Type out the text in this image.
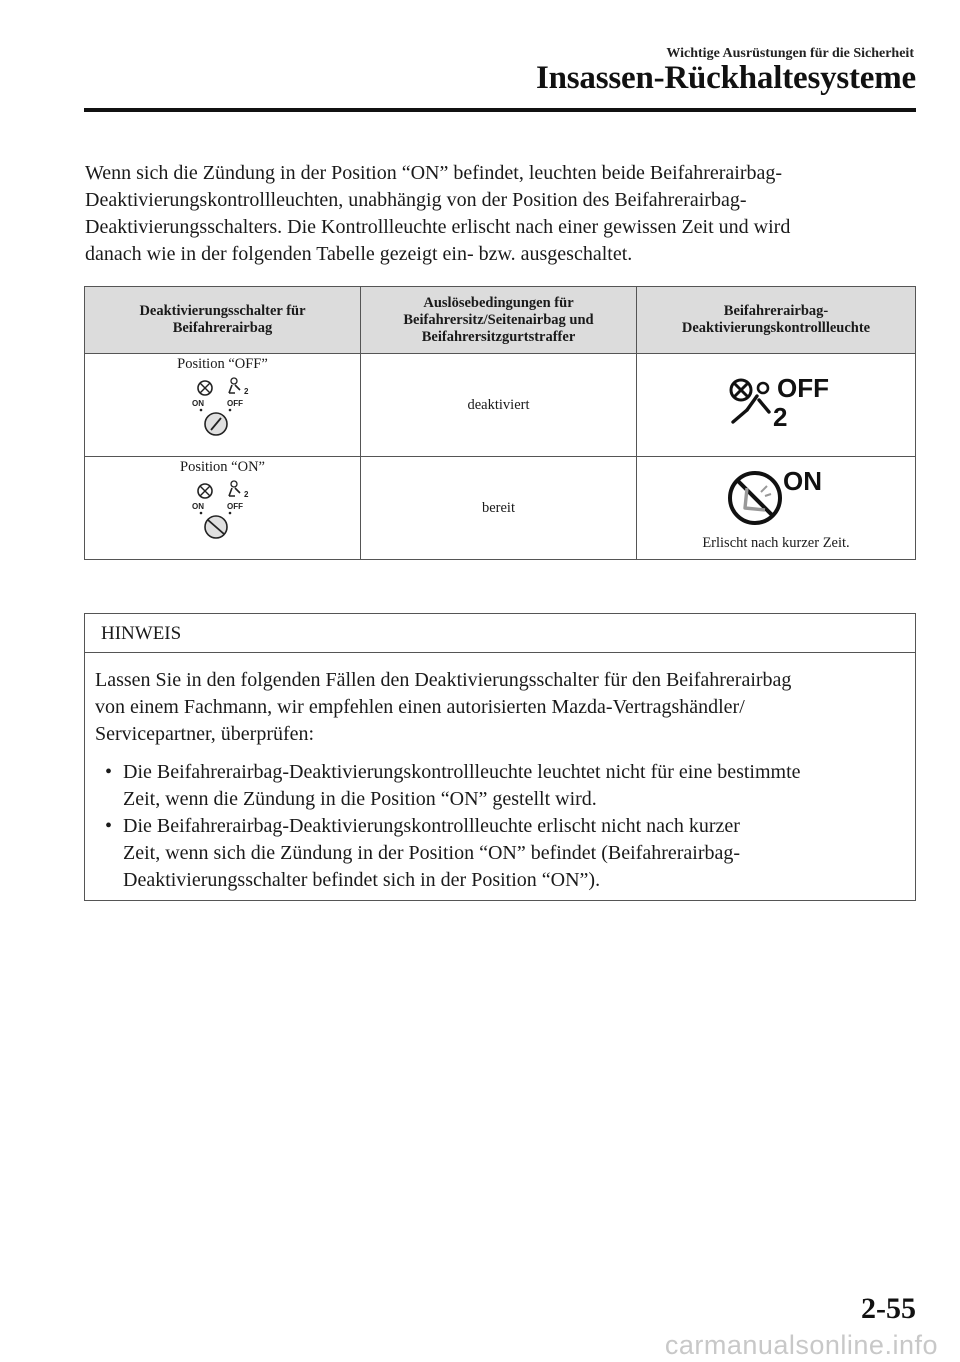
Wichtige Ausrüstungen für die Sicherheit
Insassen-Rückhaltesysteme

Wenn sich die Zündung in der Position “ON” befindet, leuchten beide Beifahrerairbag-

Deaktivierungskontrollleuchten, unabhängig von der Position des Beifahrerairbag-

Deaktivierungsschalters. Die Kontrollleuchte erlischt nach einer gewissen Zeit und wird

danach wie in der folgenden Tabelle gezeigt ein- bzw. ausgeschaltet.

Deaktivierungsschalter für
Beifahrerairbag	Auslösebedingungen für
Beifahrersitz/Seitenairbag und
Beifahrersitzgurtstraffer	Beifahrerairbag-
Deaktivierungskontrollleuchte

Position “OFF”
2
ON OFF	deaktiviert	OFF
2

Position “ON”
2
ON OFF	bereit	ON
Erlischt nach kurzer Zeit.
HINWEIS

Lassen Sie in den folgenden Fällen den Deaktivierungsschalter für den Beifahrerairbag
von einem Fachmann, wir empfehlen einen autorisierten Mazda-Vertragshändler/
Servicepartner, überprüfen:

• Die Beifahrerairbag-Deaktivierungskontrollleuchte leuchtet nicht für eine bestimmte
Zeit, wenn die Zündung in die Position “ON” gestellt wird.
• Die Beifahrerairbag-Deaktivierungskontrollleuchte erlischt nicht nach kurzer
Zeit, wenn sich die Zündung in der Position “ON” befindet (Beifahrerairbag-
Deaktivierungsschalter befindet sich in der Position “ON”).
2-55
carmanualsonline.info
